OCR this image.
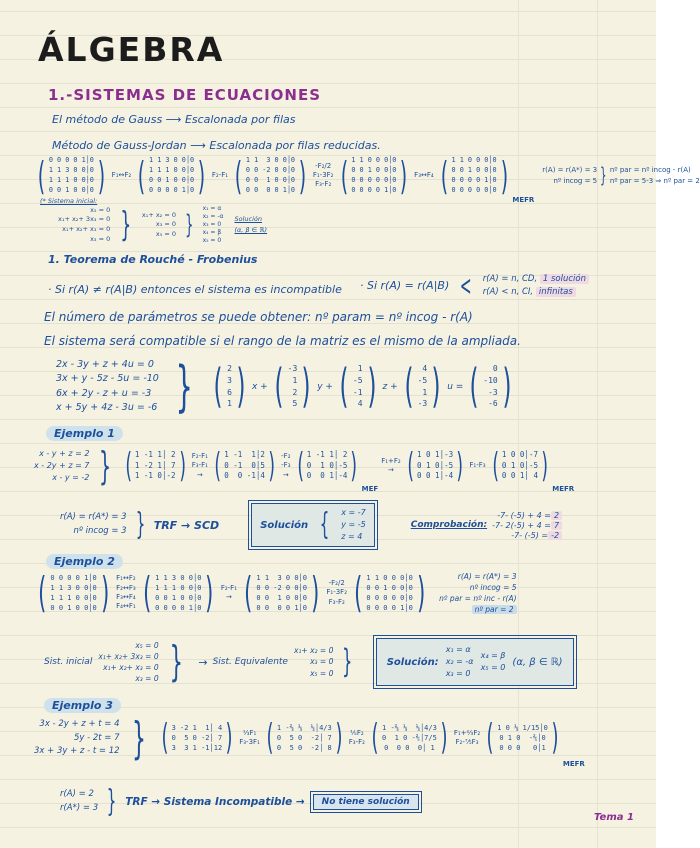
ÁLGEBRA
1.-SISTEMAS DE ECUACIONES
El método de Gauss ⟶ Escalonada por filas
Método de Gauss-Jordan ⟶ Escalonada por filas reducidas.
(
0 0 0 0 1│0
1 1 3 0 0│0
1 1 1 0 0│0
0 0 1 0 0│0
)
F₁↔F₂
(
1 1 3 0 0│0
1 1 1 0 0│0
0 0 1 0 0│0
0 0 0 0 1│0
)
F₂-F₁
(
1 1  3 0 0│0
0 0 -2 0 0│0
0 0  1 0 0│0
0 0  0 0 1│0
)
-F₂/2
F₁-3F₂
F₃-F₂
(
1 1 0 0 0│0
0 0 1 0 0│0
0 0 0 0 0│0
0 0 0 0 1│0
)
F₃↔F₄
(
1 1 0 0 0│0
0 0 1 0 0│0
0 0 0 0 1│0
0 0 0 0 0│0
)
MEFR
r(A) = r(A*) = 3
nº incog = 5
}
nº par = nº incog - r(A)
nº par = 5-3 ⇒ nº par = 2
(* Sistema inicial:
x₅ = 0
x₁+ x₂+ 3x₃ = 0
x₁+ x₂+ x₃ = 0
x₃ = 0
}
x₁+ x₂ = 0
x₃ = 0
x₅ = 0
}
x₁ = α
x₂ = -α
x₃ = 0
x₄ = β
x₅ = 0
Solución
(α, β ∈ ℝ)
1. Teorema de Rouché - Frobenius
· Si r(A) ≠ r(A|B) entonces el sistema es incompatible · Si r(A) = r(A|B) <	r(A) = n, CD, 1 solución
r(A) < n, CI, infinitas
El número de parámetros se puede obtener: nº param = nº incog - r(A)
El sistema será compatible si el rango de la matriz es el mismo de la ampliada.
2x - 3y + z + 4u = 0
3x + y - 5z - 5u = -10
6x + 2y - z + u = -3
x + 5y + 4z - 3u = -6
}
(
2
3
6
1
)
x +
(
-3
1
2
5
)
y +
(
1
-5
-1
4
)
z +
(
4
-5
1
-3
)
u =
(
0
-10
-3
-6
)
Ejemplo 1
x - y + z = 2
x - 2y + z = 7
x - y = -2
}
(
1 -1 1│ 2
1 -2 1│ 7
1 -1 0│-2
)
F₂-F₁
F₃-F₁
→
(
1 -1  1│2
0 -1  0│5
0  0 -1│4
)
-F₂
-F₃
→
(
1 -1 1│ 2
0  1 0│-5
0  0 1│-4
)
MEF
F₁+F₂
→
(
1 0 1│-3
0 1 0│-5
0 0 1│-4
)
F₁-F₃
(
1 0 0│-7
0 1 0│-5
0 0 1│ 4
)
MEFR
r(A) = r(A*) = 3
nº incog = 3 } TRF → SCD	Solución { x = -7
y = -5
z = 4
Comprobación:
-7- (-5) + 4 = 2
-7- 2(-5) + 4 = 7
-7- (-5) = -2
Ejemplo 2
(
0 0 0 0 1│0
1 1 3 0 0│0
1 1 1 0 0│0
0 0 1 0 0│0
)
F₁↔F₂
F₂↔F₃
F₃↔F₄
F₄↔F₁
(
1 1 3 0 0│0
1 1 1 0 0│0
0 0 1 0 0│0
0 0 0 0 1│0
)
F₂-F₁
→
(
1 1  3 0 0│0
0 0 -2 0 0│0
0 0  1 0 0│0
0 0  0 0 1│0
)
-F₂/2
F₁-3F₂
F₃-F₂
(
1 1 0 0 0│0
0 0 1 0 0│0
0 0 0 0 0│0
0 0 0 0 1│0
)
r(A) = r(A*) = 3
nº incog = 5
nº par = nº inc - r(A)
nº par = 2
Sist. inicial
x₅ = 0
x₁+ x₂+ 3x₃ = 0
x₁+ x₂+ x₃ = 0
x₃ = 0
}
→ Sist. Equivalente
x₁+ x₂ = 0
x₃ = 0
x₅ = 0
}
Solución:
x₁ = α
x₂ = -α
x₃ = 0
x₄ = β
x₅ = 0 (α, β ∈ ℝ)
Ejemplo 3
3x - 2y + z + t = 4
5y - 2t = 7
3x + 3y + z - t = 12
}
(
3 -2 1  1│ 4
0  5 0 -2│ 7
3  3 1 -1│12
)
⅓F₁
F₃-3F₁
(
1 -⅔ ⅓  ⅓│4/3
0  5 0  -2│ 7
0  5 0  -2│ 8
)
⅕F₂
F₃-F₂
(
1 -⅔ ⅓  ⅓│4/3
0  1 0 -⅖│7/5
0  0 0  0│ 1
)
F₁+⅔F₂
F₂-⁷⁄₅F₃
(
1 0 ⅓ 1/15│0
0 1 0  -⅖│0
0 0 0   0│1
)
MEFR
r(A) = 2
r(A*) = 3 }	TRF → Sistema Incompatible → No tiene solución
Tema 1
